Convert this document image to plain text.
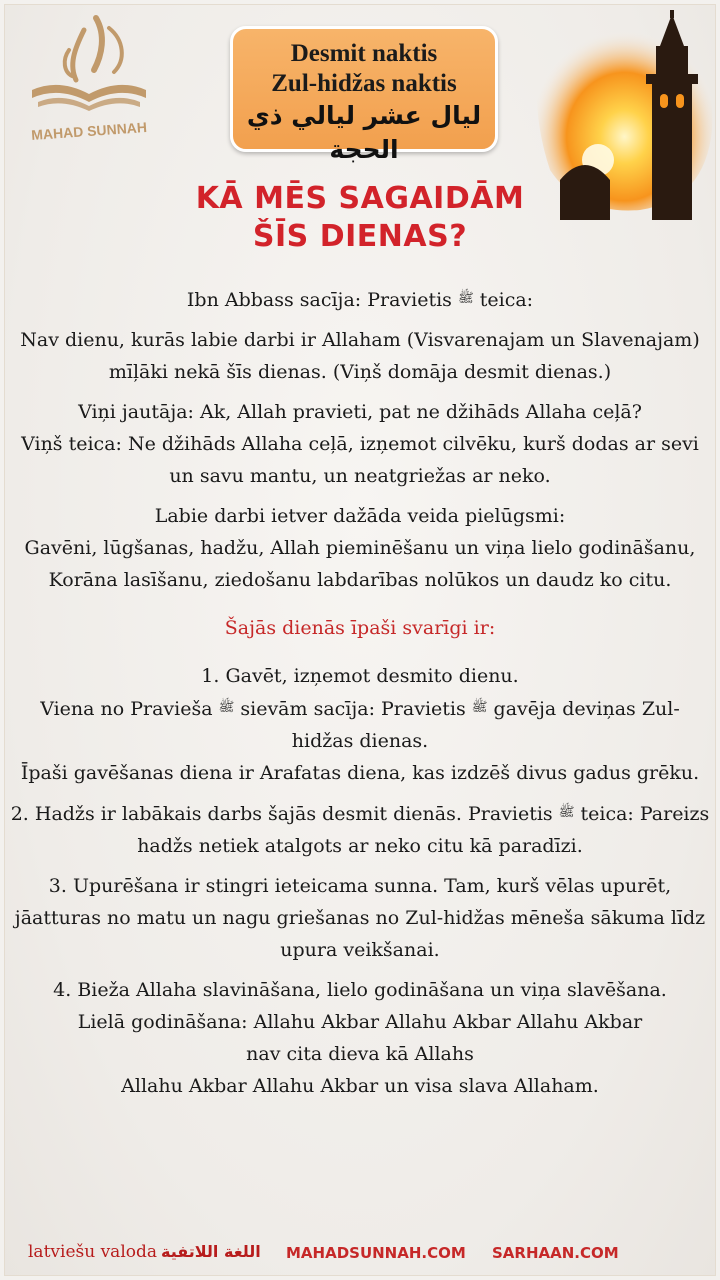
MAHAD SUNNAH
Desmit naktis
Zul-hidžas naktis
ليال عشر ليالي ذي الحجة
KĀ MĒS SAGAIDĀM
ŠĪS DIENAS?

Ibn Abbass sacīja: Pravietis $^ﷺ$ teica:

Nav dienu, kurās labie darbi ir Allaham (Visvarenajam un Slavenajam) mīļāki nekā šīs dienas. (Viņš domāja desmit dienas.)

Viņi jautāja: Ak, Allah pravieti, pat ne džihāds Allaha ceļā?

Viņš teica: Ne džihāds Allaha ceļā, izņemot cilvēku, kurš dodas ar sevi un savu mantu, un neatgriežas ar neko.

Labie darbi ietver dažāda veida pielūgsmi:

Gavēni, lūgšanas, hadžu, Allah pieminēšanu un viņa lielo godināšanu, Korāna lasīšanu, ziedošanu labdarības nolūkos un daudz ko citu.

Šajās dienās īpaši svarīgi ir:

1. Gavēt, izņemot desmito dienu.

Viena no Pravieša $^ﷺ$ sievām sacīja: Pravietis $^ﷺ$ gavēja deviņas Zul-hidžas dienas.

Īpaši gavēšanas diena ir Arafatas diena, kas izdzēš divus gadus grēku.

2. Hadžs ir labākais darbs šajās desmit dienās. Pravietis $^ﷺ$ teica: Pareizs hadžs netiek atalgots ar neko citu kā paradīzi.

3. Upurēšana ir stingri ieteicama sunna. Tam, kurš vēlas upurēt, jāatturas no matu un nagu griešanas no Zul-hidžas mēneša sākuma līdz upura veikšanai.

4. Bieža Allaha slavināšana, lielo godināšana un viņa slavēšana.

Lielā godināšana: Allahu Akbar Allahu Akbar Allahu Akbar

nav cita dieva kā Allahs

Allahu Akbar Allahu Akbar un visa slava Allaham.

latviešu valoda اللغة اللاتفية MAHADSUNNAH.COM SARHAAN.COM
